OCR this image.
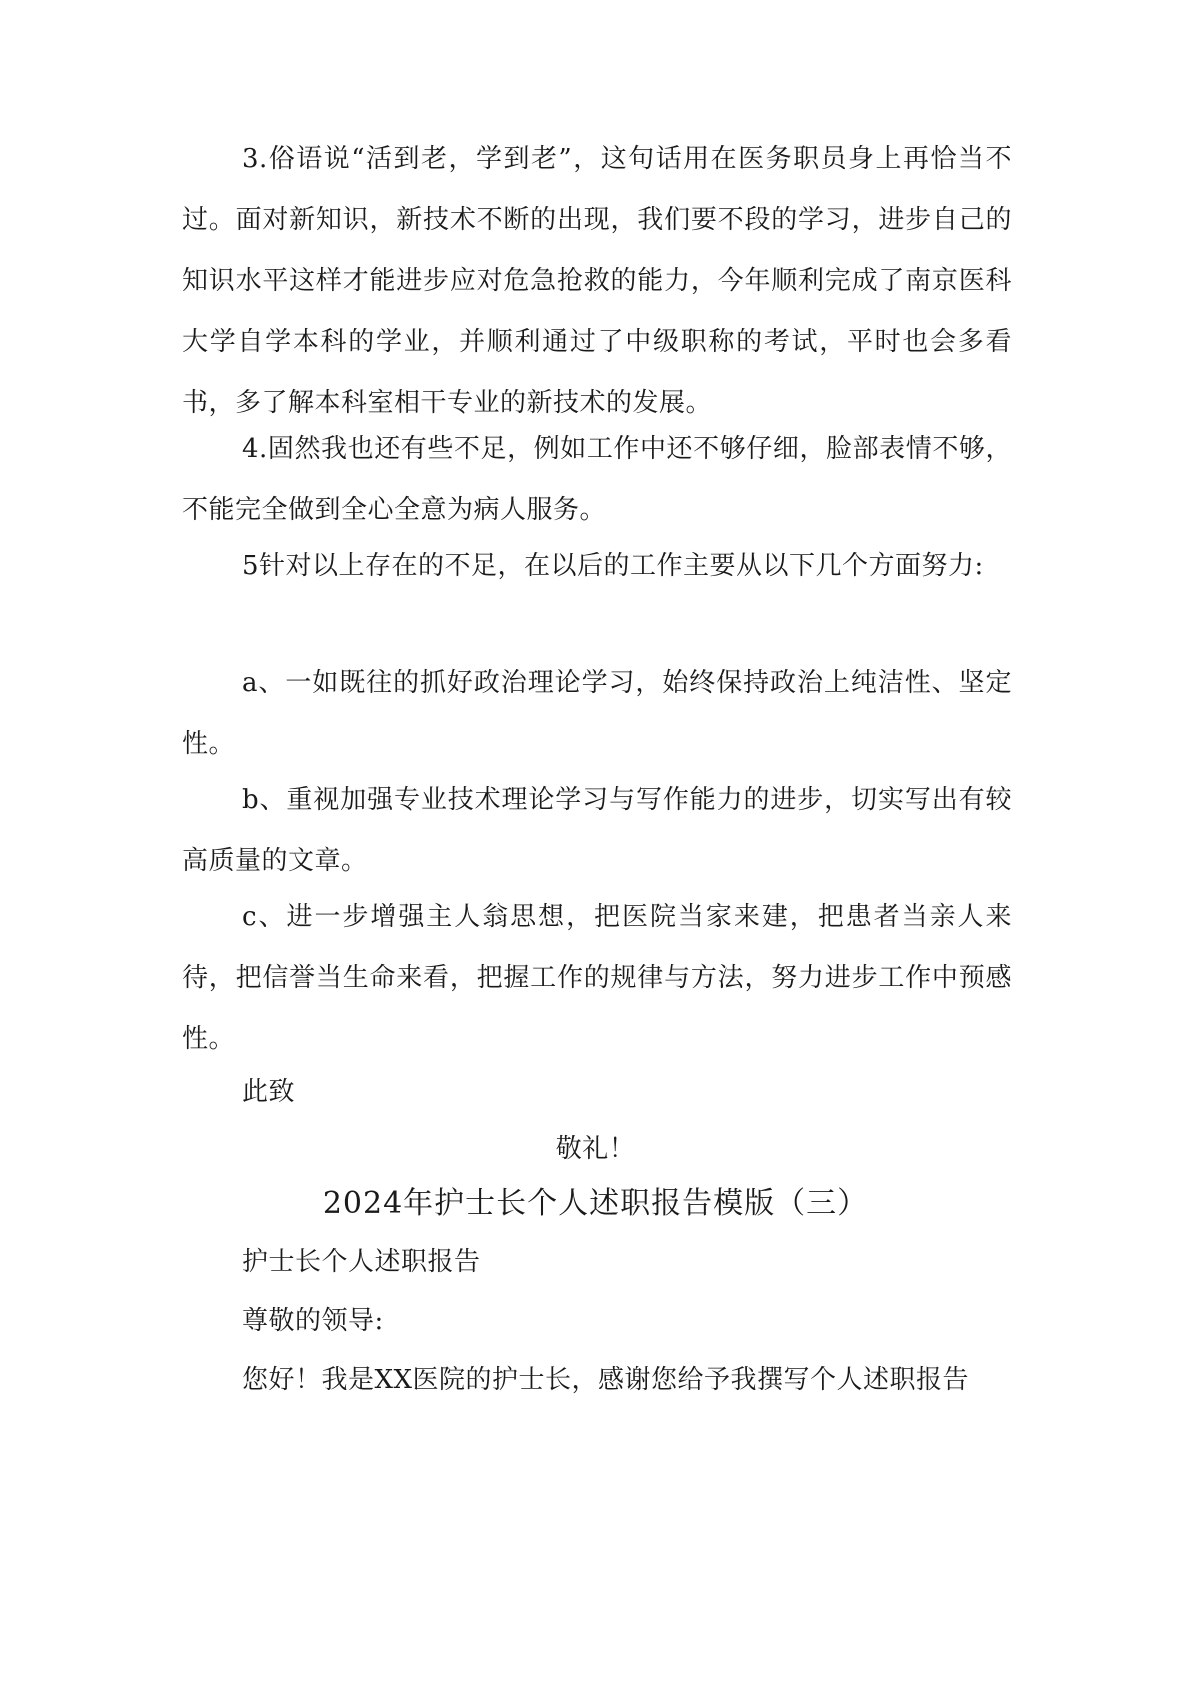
3.俗语说“活到老，学到老”，这句话用在医务职员身上再恰当不过。面对新知识，新技术不断的出现，我们要不段的学习，进步自己的知识水平这样才能进步应对危急抢救的能力，今年顺利完成了南京医科大学自学本科的学业，并顺利通过了中级职称的考试，平时也会多看书，多了解本科室相干专业的新技术的发展。

4.固然我也还有些不足，例如工作中还不够仔细，脸部表情不够，不能完全做到全心全意为病人服务。

5针对以上存在的不足，在以后的工作主要从以下几个方面努力:

a、一如既往的抓好政治理论学习，始终保持政治上纯洁性、坚定性。

b、重视加强专业技术理论学习与写作能力的进步，切实写出有较高质量的文章。

c、进一步增强主人翁思想，把医院当家来建，把患者当亲人来待，把信誉当生命来看，把握工作的规律与方法，努力进步工作中预感性。

此致

敬礼！

2024年护士长个人述职报告模版（三）

护士长个人述职报告

尊敬的领导:

您好！我是XX医院的护士长，感谢您给予我撰写个人述职报告
